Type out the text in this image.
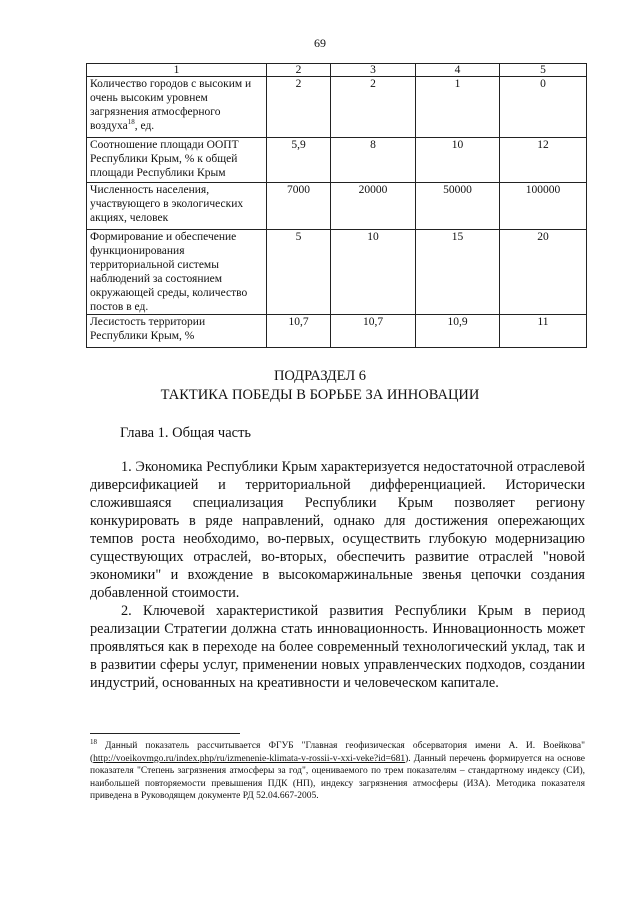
69
1	2	3	4	5
Количество городов с высоким и очень высоким уровнем загрязнения атмосферного воздуха$^{18}$, ед.	2	2	1	0
Соотношение площади ООПТ Республики Крым, % к общей площади Республики Крым	5,9	8	10	12
Численность населения, участвующего в экологических акциях, человек	7000	20000	50000	100000
Формирование и обеспечение функционирования территориальной системы наблюдений за состоянием окружающей среды, количество постов в ед.	5	10	15	20
Лесистость территории Республики Крым, %	10,7	10,7	10,9	11
ПОДРАЗДЕЛ 6
ТАКТИКА ПОБЕДЫ В БОРЬБЕ ЗА ИННОВАЦИИ
Глава 1. Общая часть

1. Экономика Республики Крым характеризуется недостаточной отраслевой диверсификацией и территориальной дифференциацией. Исторически сложившаяся специализация Республики Крым позволяет региону конкурировать в ряде направлений, однако для достижения опережающих темпов роста необходимо, во-первых, осуществить глубокую модернизацию существующих отраслей, во-вторых, обеспечить развитие отраслей "новой экономики" и вхождение в высокомаржинальные звенья цепочки создания добавленной стоимости.

2. Ключевой характеристикой развития Республики Крым в период реализации Стратегии должна стать инновационность. Инновационность может проявляться как в переходе на более современный технологический уклад, так и в развитии сферы услуг, применении новых управленческих подходов, создании индустрий, основанных на креативности и человеческом капитале.

$^{18}$ Данный показатель рассчитывается ФГУБ "Главная геофизическая обсерватория имени А. И. Воейкова" (http://voeikovmgo.ru/index.php/ru/izmenenie-klimata-v-rossii-v-xxi-veke?id=681). Данный перечень формируется на основе показателя "Степень загрязнения атмосферы за год", оцениваемого по трем показателям – стандартному индексу (СИ), наибольшей повторяемости превышения ПДК (НП), индексу загрязнения атмосферы (ИЗА). Методика показателя приведена в Руководящем документе РД 52.04.667-2005.
